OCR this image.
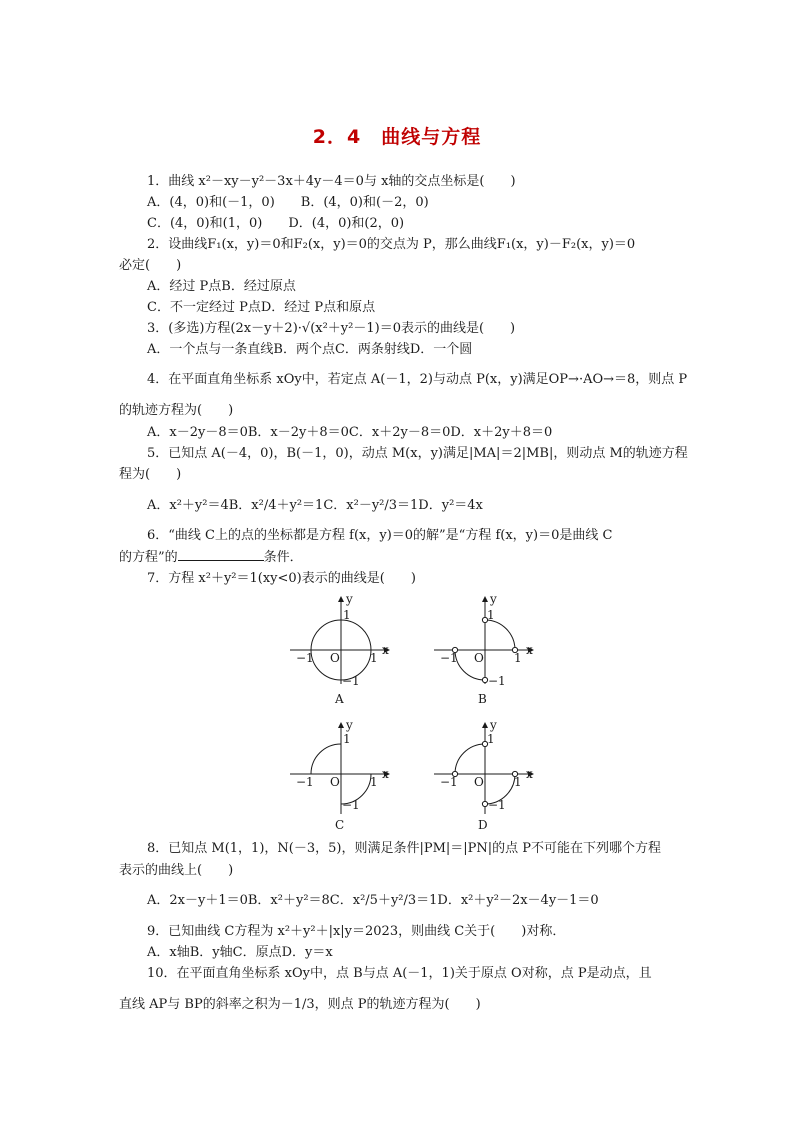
2．4　曲线与方程
1．曲线 x²－xy－y²－3x＋4y－4＝0与 x轴的交点坐标是(　　)
A．(4，0)和(－1，0)　　B．(4，0)和(－2，0)
C．(4，0)和(1，0)　　D．(4，0)和(2，0)
2．设曲线F₁(x，y)＝0和F₂(x，y)＝0的交点为 P，那么曲线F₁(x，y)－F₂(x，y)＝0
必定(　　)
A．经过 P点B．经过原点
C．不一定经过 P点D．经过 P点和原点
3．(多选)方程(2x－y＋2)·√(x²＋y²－1)＝0表示的曲线是(　　)
A．一个点与一条直线B．两个点C．两条射线D．一个圆
4．在平面直角坐标系 xOy中，若定点 A(－1，2)与动点 P(x，y)满足OP→·AO→＝8，则点 P
的轨迹方程为(　　)
A．x－2y－8＝0B．x－2y＋8＝0C．x＋2y－8＝0D．x＋2y＋8＝0
5．已知点 A(－4，0)，B(－1，0)，动点 M(x，y)满足|MA|＝2|MB|，则动点 M的轨迹方程
程为(　　)
A．x²＋y²＝4B．x²/4＋y²＝1C．x²－y²/3＝1D．y²＝4x
6．“曲线 C上的点的坐标都是方程 f(x，y)＝0的解”是“方程 f(x，y)＝0是曲线 C
的方程”的	条件．
7．方程 x²＋y²＝1(xy<0)表示的曲线是(　　)
y
x
O	1
−1
1
−1
A
y
x
O	1
−1
1
−1
B
y
x
O	1
−1
1
−1
C
y
x
O	1
−1
1
−1
D
8．已知点 M(1，1)，N(－3，5)，则满足条件|PM|＝|PN|的点 P不可能在下列哪个方程
表示的曲线上(　　)
A．2x－y＋1＝0B．x²＋y²＝8C．x²/5＋y²/3＝1D．x²＋y²－2x－4y－1＝0
9．已知曲线 C方程为 x²＋y²＋|x|y＝2023，则曲线 C关于(　　)对称．
A．x轴B．y轴C．原点D．y＝x
10．在平面直角坐标系 xOy中，点 B与点 A(－1，1)关于原点 O对称，点 P是动点，且
直线 AP与 BP的斜率之积为－1/3，则点 P的轨迹方程为(　　)
